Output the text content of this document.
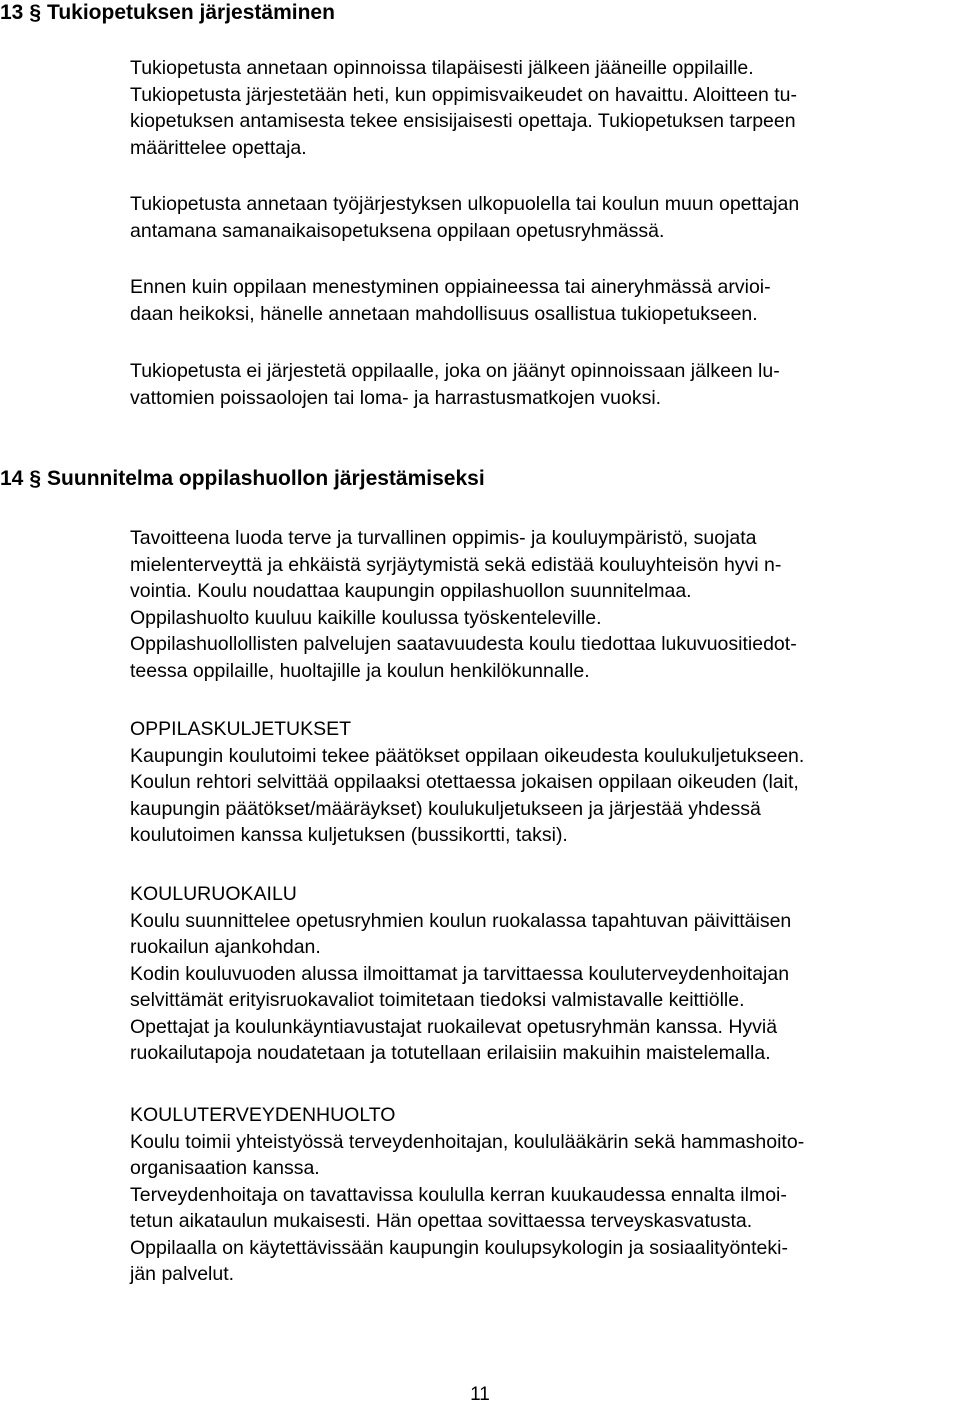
13 § Tukiopetuksen järjestäminen
Tukiopetusta annetaan opinnoissa tilapäisesti jälkeen jääneille oppilaille.
Tukiopetusta järjestetään heti, kun oppimisvaikeudet on havaittu. Aloitteen tu-
kiopetuksen antamisesta tekee ensisijaisesti opettaja. Tukiopetuksen tarpeen
määrittelee opettaja.
Tukiopetusta annetaan työjärjestyksen ulkopuolella tai koulun muun opettajan
antamana samanaikaisopetuksena oppilaan opetusryhmässä.
Ennen kuin oppilaan menestyminen oppiaineessa tai aineryhmässä arvioi-
daan heikoksi, hänelle annetaan mahdollisuus osallistua tukiopetukseen.
Tukiopetusta ei järjestetä oppilaalle, joka on jäänyt opinnoissaan jälkeen lu-
vattomien poissaolojen tai loma- ja harrastusmatkojen vuoksi.
14 § Suunnitelma oppilashuollon järjestämiseksi
Tavoitteena luoda terve ja turvallinen oppimis- ja kouluympäristö, suojata
mielenterveyttä ja ehkäistä syrjäytymistä sekä edistää kouluyhteisön hyvi n-
vointia. Koulu noudattaa kaupungin oppilashuollon suunnitelmaa.
Oppilashuolto kuuluu kaikille koulussa työskenteleville.
Oppilashuollollisten palvelujen saatavuudesta koulu tiedottaa lukuvuositiedot-
teessa oppilaille, huoltajille ja koulun henkilökunnalle.
OPPILASKULJETUKSET
Kaupungin koulutoimi tekee päätökset oppilaan oikeudesta koulukuljetukseen.
Koulun rehtori selvittää oppilaaksi otettaessa jokaisen oppilaan oikeuden (lait,
kaupungin päätökset/määräykset) koulukuljetukseen ja järjestää yhdessä
koulutoimen kanssa kuljetuksen (bussikortti, taksi).
KOULURUOKAILU
Koulu suunnittelee opetusryhmien koulun ruokalassa tapahtuvan päivittäisen
ruokailun ajankohdan.
Kodin kouluvuoden alussa ilmoittamat ja tarvittaessa kouluterveydenhoitajan
selvittämät erityisruokavaliot toimitetaan tiedoksi valmistavalle keittiölle.
Opettajat ja koulunkäyntiavustajat ruokailevat opetusryhmän kanssa. Hyviä
ruokailutapoja noudatetaan ja totutellaan erilaisiin makuihin maistelemalla.
KOULUTERVEYDENHUOLTO
Koulu toimii yhteistyössä terveydenhoitajan, koululääkärin sekä hammashoito-
organisaation kanssa.
Terveydenhoitaja on tavattavissa koululla kerran kuukaudessa ennalta ilmoi-
tetun aikataulun mukaisesti. Hän opettaa sovittaessa terveyskasvatusta.
Oppilaalla on käytettävissään kaupungin koulupsykologin ja sosiaalityönteki-
jän palvelut.
11
